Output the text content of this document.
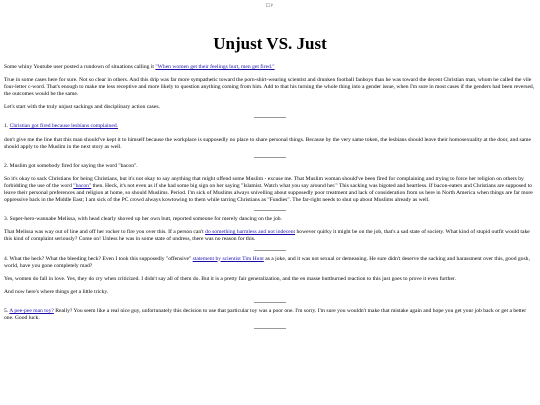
□♀
Unjust VS. Just

Some whiny Youtube user posted a rundown of situations calling it "When women get their feelings hurt, men get fired."

True in some cases here for sure. Not so clear in others. And this drip was far more sympathetic toward the porn-shirt-wearing scientist and drunken football fanboys than he was toward the decent Christian man, whom he called the vile four-letter c-word. That's enough to make me less receptive and more likely to question anything coming from him. Add to that his turning the whole thing into a gender issue, when I'm sure in most cases if the genders had been reversed, the outcomes would be the same.

Let's start with the truly unjust sackings and disciplinary action cases.

1. Christian got fired because lesbians complained.

don't give me the line that this man should've kept it to himself because the workplace is supposedly no place to share personal things. Because by the very same token, the lesbians should leave their homosexuality at the door, and same should apply to the Muslim in the next story as well.

2. Muslim got somebody fired for saying the word "bacon".

So it's okay to sack Christians for being Christians, but it's not okay to say anything that might offend some Muslim - excuse me. That Muslim woman should've been fired for complaining and trying to force her religion on others by forbidding the use of the word "bacon" then. Heck, it's not even as if she had some big sign on her saying "Islamist. Watch what you say around her." This sacking was bigoted and heartless. If bacon-eaters and Christians are supposed to leave their personal preferences and religion at home, so should Muslims. Period. I'm sick of Muslims always snivelling about supposedly poor treatment and lack of consideration from us here in North America when things are far more oppressive back in the Middle East; I am sick of the PC crowd always kowtowing to them while tarring Christians as "Fundies". The far-right needs to shut up about Muslims already as well.

3. Super-hero-wannabe Melissa, with head clearly shoved up her own butt, reported someone for merely dancing on the job.

That Melissa was way out of line and off her rocker to fire you over this. If a person can't do something harmless and not indecent however quirky it might be on the job, that's a sad state of society. What kind of stupid outfit would take this kind of complaint seriously? Come on! Unless he was in some state of undress, there was no reason for this.

4. What the heck? What the bleeding heck? Even I took this supposedly "offensive" statement by scientist Tim Hunt as a joke, and it was not sexual or demeaning. He sure didn't deserve the sacking and harassment over this, good gosh, world, have you gone completely mad?

Yes, women do fall in love. Yes, they do cry when criticized. I didn't say all of them do. But it is a pretty fair generalization, and the en masse buttburned reaction to this just goes to prove it even further.

And now here's where things get a little tricky.

5. A pee-pee man toy? Really? You seem like a real nice guy, unfortunately this decision to use that particular toy was a poor one. I'm sorry. I'm sure you wouldn't make that mistake again and hope you get your job back or get a better one. Good luck.
